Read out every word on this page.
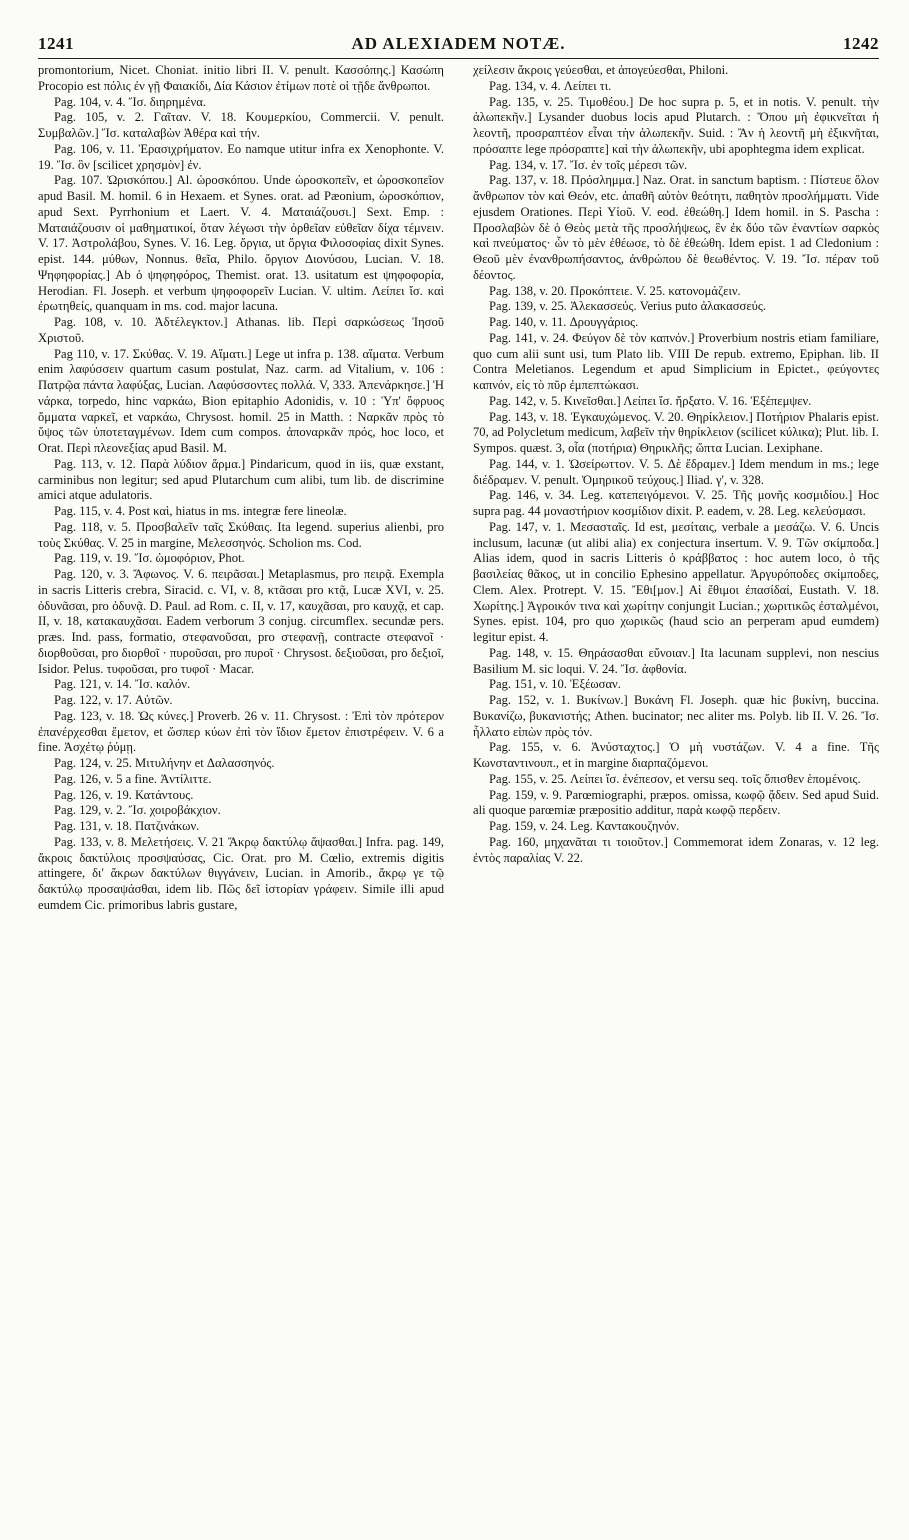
1241	AD ALEXIADEM NOTÆ.	1242

promontorium, Nicet. Choniat. initio libri II. V. penult. Κασσόπης.] Κασώπη Procopio est πόλις ἐν γῇ Φαιακίδι, Δία Κάσιον ἐτίμων ποτὲ οἱ τῇδε ἄνθρωποι.

Pag. 104, v. 4. Ἴσ. διηρημένα.

Pag. 105, v. 2. Γαῖταν. V. 18. Κουμερκίου, Commercii. V. penult. Συμβαλῶν.] Ἴσ. καταλαβὼν Ἀθέρα καὶ τήν.

Pag. 106, v. 11. Ἐρασιχρήματον. Eo namque utitur infra ex Xenophonte. V. 19. Ἴσ. ὃν [scilicet χρησμὸν] ἐν.

Pag. 107. Ὠρισκόπου.] Al. ὡροσκόπου. Unde ὡροσκοπεῖν, et ὡροσκοπεῖον apud Basil. M. homil. 6 in Hexaem. et Synes. orat. ad Pæonium, ὡροσκόπιον, apud Sext. Pyrrhonium et Laert. V. 4. Ματαιάζουσι.] Sext. Emp. : Ματαιάζουσιν οἱ μαθηματικοί, ὅταν λέγωσι τὴν ὀρθεῖαν εὐθεῖαν δίχα τέμνειν. V. 17. Ἀστρολάβου, Synes. V. 16. Leg. ὄργια, ut ὄργια Φιλοσοφίας dixit Synes. epist. 144. μύθων, Nonnus. θεῖα, Philo. ὄργιον Διονύσου, Lucian. V. 18. Ψηφηφορίας.] Ab ὁ ψηφηφόρος, Themist. orat. 13. usitatum est ψηφοφορία, Herodian. Fl. Joseph. et verbum ψηφοφορεῖν Lucian. V. ultim. Λείπει ἴσ. καὶ ἐρωτηθείς, quanquam in ms. cod. major lacuna.

Pag. 108, v. 10. Ἀδτέλεγκτον.] Athanas. lib. Περὶ σαρκώσεως Ἰησοῦ Χριστοῦ.

Pag 110, v. 17. Σκύθας. V. 19. Αἵματι.] Lege ut infra p. 138. αἵματα. Verbum enim λαφύσσειν quartum casum postulat, Naz. carm. ad Vitalium, v. 106 : Πατρῷα πάντα λαφύξας, Lucian. Λαφύσσοντες πολλά. V, 333. Ἀπενάρκησε.] Ἡ νάρκα, torpedo, hinc ναρκάω, Bion epitaphio Adonidis, v. 10 : Ὑπ' ὄφρυος ὄμματα ναρκεῖ, et ναρκάω, Chrysost. homil. 25 in Matth. : Ναρκᾶν πρὸς τὸ ὕψος τῶν ὑποτεταγμένων. Idem cum compos. ἀποναρκᾶν πρός, hoc loco, et Orat. Περὶ πλεονεξίας apud Basil. M.

Pag. 113, v. 12. Παρὰ λύδιον ἅρμα.] Pindaricum, quod in iis, quæ exstant, carminibus non legitur; sed apud Plutarchum cum alibi, tum lib. de discrimine amici atque adulatoris.

Pag. 115, v. 4. Post καὶ, hiatus in ms. integræ fere lineolæ.

Pag. 118, v. 5. Προσβαλεῖν ταῖς Σκύθαις. Ita legend. superius alienbi, pro τοὺς Σκύθας. V. 25 in margine, Μελεσσηνός. Scholion ms. Cod.

Pag. 119, v. 19. Ἴσ. ὠμοφόριον, Phot.

Pag. 120, v. 3. Ἄφωνος. V. 6. πειρᾶσαι.] Metaplasmus, pro πειρᾷ. Exempla in sacris Litteris crebra, Siracid. c. VI, v. 8, κτᾶσαι pro κτᾷ, Lucæ XVI, v. 25. ὀδυνᾶσαι, pro ὀδυνᾷ. D. Paul. ad Rom. c. II, v. 17, καυχᾶσαι, pro καυχᾷ, et cap. II, v. 18, κατακαυχᾶσαι. Eadem verborum 3 conjug. circumflex. secundæ pers. præs. Ind. pass, formatio, στεφανοῦσαι, pro στεφανῇ, contracte στεφανοῖ · διορθοῦσαι, pro διορθοῖ · πυροῦσαι, pro πυροῖ · Chrysost. δεξιοῦσαι, pro δεξιοῖ, Isidor. Pelus. τυφοῦσαι, pro τυφοῖ · Macar.

Pag. 121, v. 14. Ἴσ. καλόν.

Pag. 122, v. 17. Αὐτῶν.

Pag. 123, v. 18. Ὡς κύνες.] Proverb. 26 v. 11. Chrysost. : Ἐπὶ τὸν πρότερον ἐπανέρχεσθαι ἔμετον, et ὥσπερ κύων ἐπὶ τὸν ἴδιον ἔμετον ἐπιστρέφειν. V. 6 a fine. Ἀσχέτῳ ῥύμῃ.

Pag. 124, v. 25. Μιτυλήνην et Δαλασσηνός.

Pag. 126, v. 5 a fine. Ἀντίλιττε.

Pag. 126, v. 19. Κατάντους.

Pag. 129, v. 2. Ἴσ. χοιροβάκχιον.

Pag. 131, v. 18. Πατζινάκων.

Pag. 133, v. 8. Μελετήσεις. V. 21 Ἄκρῳ δακτύλῳ ἅψασθαι.] Infra. pag. 149, ἄκροις δακτύλοις προσψαύσας, Cic. Orat. pro M. Cœlio, extremis digitis attingere, δι' ἄκρων δακτύλων θιγγάνειν, Lucian. in Amorib., ἄκρῳ γε τῷ δακτύλῳ προσαψάσθαι, idem lib. Πῶς δεῖ ἱστορίαν γράφειν. Simile illi apud eumdem Cic. primoribus labris gustare,

χείλεσιν ἄκροις γεύεσθαι, et ἀπογεύεσθαι, Philoni.

Pag. 134, v. 4. Λείπει τι.

Pag. 135, v. 25. Τιμοθέου.] De hoc supra p. 5, et in notis. V. penult. τὴν ἀλωπεκῆν.] Lysander duobus locis apud Plutarch. : Ὅπου μὴ ἐφικνεῖται ἡ λεοντῆ, προσραπτέον εἶναι τὴν ἀλωπεκῆν. Suid. : Ἂν ἡ λεοντῆ μὴ ἐξικνῆται, πρόσαπτε lege πρόσραπτε] καὶ τὴν ἀλωπεκῆν, ubi apophtegma idem explicat.

Pag. 134, v. 17. Ἴσ. ἐν τοῖς μέρεσι τῶν.

Pag. 137, v. 18. Πρόσλημμα.] Naz. Orat. in sanctum baptism. : Πίστευε ὅλον ἄνθρωπον τὸν καὶ Θεόν, etc. ἀπαθῆ αὐτὸν θεότητι, παθητὸν προσλήμματι. Vide ejusdem Orationes. Περὶ Υἱοῦ. V. eod. ἐθεώθη.] Idem homil. in S. Pascha : Προσλαβὼν δὲ ὁ Θεὸς μετὰ τῆς προσλήψεως, ἓν ἐκ δύο τῶν ἐναντίων σαρκὸς καὶ πνεύματος· ὧν τὸ μὲν ἐθέωσε, τὸ δὲ ἐθεώθη. Idem epist. 1 ad Cledonium : Θεοῦ μὲν ἐνανθρωπήσαντος, ἀνθρώπου δὲ θεωθέντος. V. 19. Ἴσ. πέραν τοῦ δέοντος.

Pag. 138, v. 20. Προκόπτειε. V. 25. κατονομάζειν.

Pag. 139, v. 25. Ἀλεκασσεύς. Verius puto ἀλακασσεύς.

Pag. 140, v. 11. Δρουγγάριος.

Pag. 141, v. 24. Φεύγον δὲ τὸν καπνόν.] Proverbium nostris etiam familiare, quo cum alii sunt usi, tum Plato lib. VIII De repub. extremo, Epiphan. lib. II Contra Meletianos. Legendum et apud Simplicium in Epictet., φεύγοντες καπνόν, εἰς τὸ πῦρ ἐμπεπτώκασι.

Pag. 142, v. 5. Κινεῖσθαι.] Λείπει ἴσ. ἤρξατο. V. 16. Ἐξέπεμψεν.

Pag. 143, v. 18. Ἐγκαυχώμενος. V. 20. Θηρίκλειον.] Ποτήριον Phalaris epist. 70, ad Polycletum medicum, λαβεῖν τὴν θηρίκλειον (scilicet κύλικα); Plut. lib. I. Sympos. quæst. 3, οἷα (ποτήρια) Θηρικλῆς; ὤπτα Lucian. Lexiphane.

Pag. 144, v. 1. Ὠσείρωττον. V. 5. Δὲ ἔδραμεν.] Idem mendum in ms.; lege διέδραμεν. V. penult. Ὁμηρικοῦ τεύχους.] Iliad. γ', v. 328.

Pag. 146, v. 34. Leg. κατεπειγόμενοι. V. 25. Τῆς μονῆς κοσμιδίου.] Hoc supra pag. 44 μοναστήριον κοσμίδιον dixit. P. eadem, v. 28. Leg. κελεύσμασι.

Pag. 147, v. 1. Μεσασταῖς. Id est, μεσίταις, verbale a μεσάζω. V. 6. Uncis inclusum, lacunæ (ut alibi alia) ex conjectura insertum. V. 9. Τῶν σκίμποδα.] Alias idem, quod in sacris Litteris ὁ κράββατος : hoc autem loco, ὁ τῆς βασιλείας θᾶκος, ut in concilio Ephesino appellatur. Ἀργυρόποδες σκίμποδες, Clem. Alex. Protrept. V. 15. Ἔθι[μον.] Αἱ ἔθιμοι ἐπασίδαί, Eustath. V. 18. Χωρίτης.] Ἀγροικόν τινα καὶ χωρίτην conjungit Lucian.; χωριτικῶς ἐσταλμένοι, Synes. epist. 104, pro quo χωρικῶς (haud scio an perperam apud eumdem) legitur epist. 4.

Pag. 148, v. 15. Θηράσασθαι εὔνοιαν.] Ita lacunam supplevi, non nescius Basilium M. sic loqui. V. 24. Ἴσ. ἀφθονία.

Pag. 151, v. 10. Ἐξέωσαν.

Pag. 152, v. 1. Βυκίνων.] Βυκάνη Fl. Joseph. quæ hic βυκίνη, buccina. Βυκανίζω, βυκανιστής; Athen. bucinator; nec aliter ms. Polyb. lib II. V. 26. Ἴσ. ἧλλατο εἰπὼν πρὸς τόν.

Pag. 155, v. 6. Ἀνύσταχτος.] Ὁ μὴ νυστάζων. V. 4 a fine. Τῆς Κωνσταντινουπ., et in margine διαρπαζόμενοι.

Pag. 155, v. 25. Λείπει ἴσ. ἐνέπεσον, et versu seq. τοῖς ὄπισθεν ἑπομένοις.

Pag. 159, v. 9. Parœmiographi, præpos. omissa, κωφῷ ᾄδειν. Sed apud Suid. ali quoque parœmiæ præpositio additur, παρὰ κωφῷ περδειν.

Pag. 159, v. 24. Leg. Καντακουζηνόν.

Pag. 160, μηχανᾶται τι τοιοῦτον.] Commemorat idem Zonaras, v. 12 leg. ἐντὸς παραλίας V. 22.
